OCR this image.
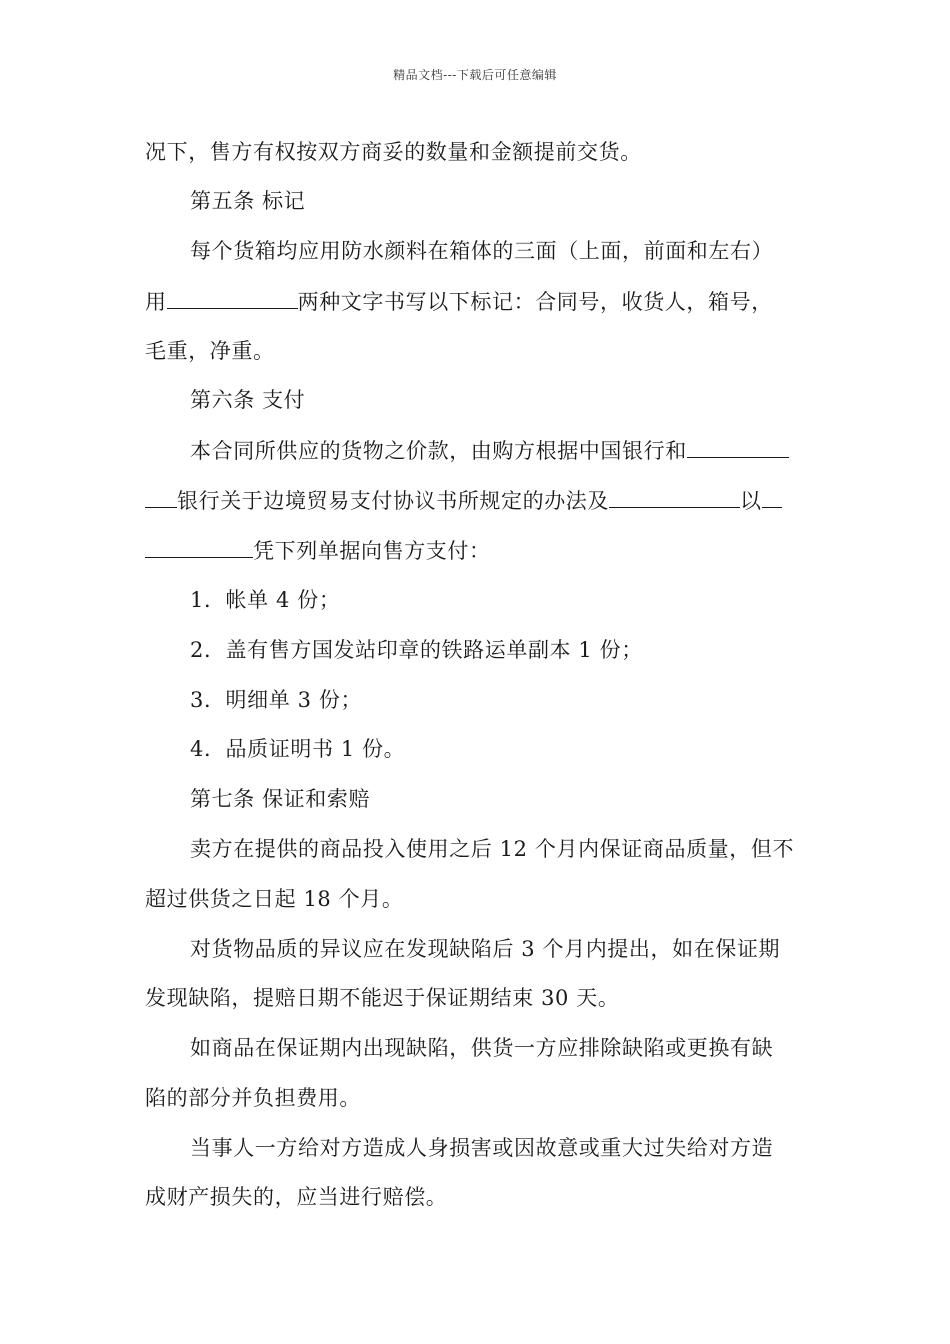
精品文档---下载后可任意编辑
况下，售方有权按双方商妥的数量和金额提前交货。
第五条 标记
每个货箱均应用防水颜料在箱体的三面（上面，前面和左右）
用	两种文字书写以下标记：合同号，收货人，箱号，
毛重，净重。
第六条 支付
本合同所供应的货物之价款，由购方根据中国银行和
银行关于边境贸易支付协议书所规定的办法及	以
凭下列单据向售方支付：
1．帐单 4 份；
2．盖有售方国发站印章的铁路运单副本 1 份；
3．明细单 3 份；
4．品质证明书 1 份。
第七条 保证和索赔
卖方在提供的商品投入使用之后 12 个月内保证商品质量，但不
超过供货之日起 18 个月。
对货物品质的异议应在发现缺陷后 3 个月内提出，如在保证期
发现缺陷，提赔日期不能迟于保证期结束 30 天。
如商品在保证期内出现缺陷，供货一方应排除缺陷或更换有缺
陷的部分并负担费用。
当事人一方给对方造成人身损害或因故意或重大过失给对方造
成财产损失的，应当进行赔偿。
